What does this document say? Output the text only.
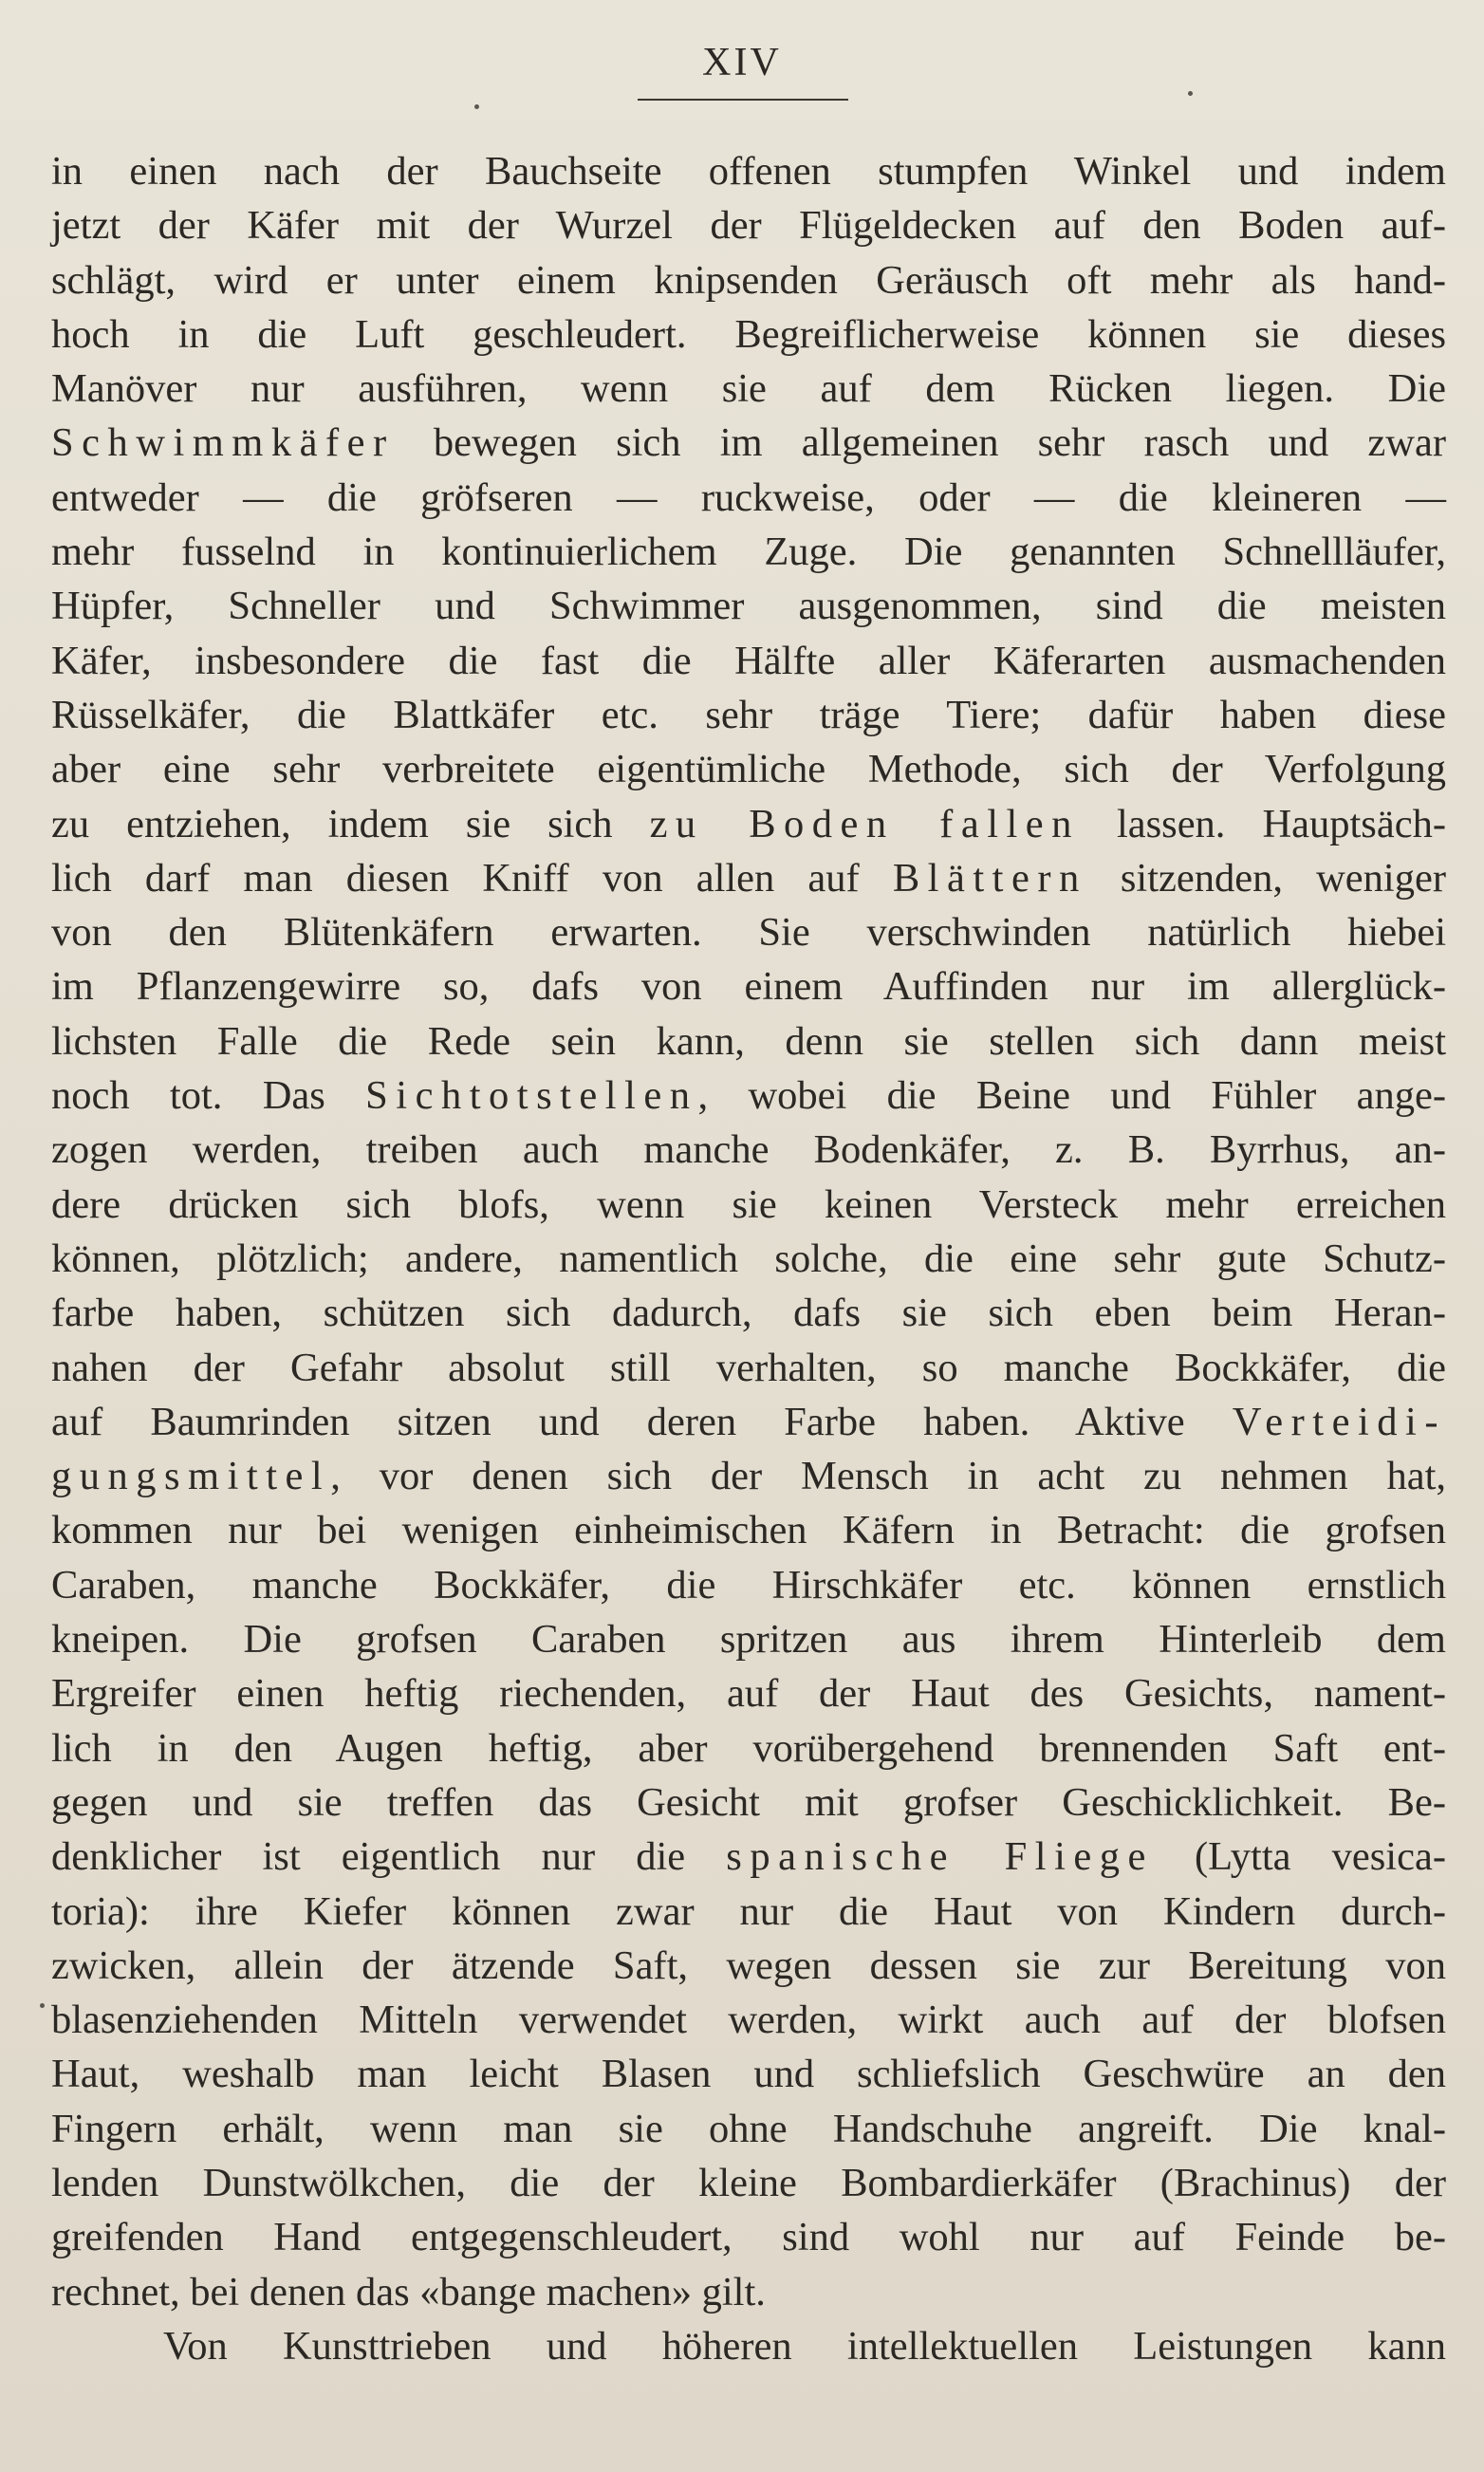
XIV
in einen nach der Bauchseite offenen stumpfen Winkel und indem
jetzt der Käfer mit der Wurzel der Flügeldecken auf den Boden auf-
schlägt, wird er unter einem knipsenden Geräusch oft mehr als hand-
hoch in die Luft geschleudert. Begreiflicherweise können sie dieses
Manöver nur ausführen, wenn sie auf dem Rücken liegen. Die
Schwimmkäfer bewegen sich im allgemeinen sehr rasch und zwar
entweder — die gröfseren — ruckweise, oder — die kleineren —
mehr fusselnd in kontinuierlichem Zuge. Die genannten Schnellläufer,
Hüpfer, Schneller und Schwimmer ausgenommen, sind die meisten
Käfer, insbesondere die fast die Hälfte aller Käferarten ausmachenden
Rüsselkäfer, die Blattkäfer etc. sehr träge Tiere; dafür haben diese
aber eine sehr verbreitete eigentümliche Methode, sich der Verfolgung
zu entziehen, indem sie sich zu Boden fallen lassen. Hauptsäch-
lich darf man diesen Kniff von allen auf Blättern sitzenden, weniger
von den Blütenkäfern erwarten. Sie verschwinden natürlich hiebei
im Pflanzengewirre so, dafs von einem Auffinden nur im allerglück-
lichsten Falle die Rede sein kann, denn sie stellen sich dann meist
noch tot. Das Sichtotstellen, wobei die Beine und Fühler ange-
zogen werden, treiben auch manche Bodenkäfer, z. B. Byrrhus, an-
dere drücken sich blofs, wenn sie keinen Versteck mehr erreichen
können, plötzlich; andere, namentlich solche, die eine sehr gute Schutz-
farbe haben, schützen sich dadurch, dafs sie sich eben beim Heran-
nahen der Gefahr absolut still verhalten, so manche Bockkäfer, die
auf Baumrinden sitzen und deren Farbe haben. Aktive Verteidi-
gungsmittel, vor denen sich der Mensch in acht zu nehmen hat,
kommen nur bei wenigen einheimischen Käfern in Betracht: die grofsen
Caraben, manche Bockkäfer, die Hirschkäfer etc. können ernstlich
kneipen. Die grofsen Caraben spritzen aus ihrem Hinterleib dem
Ergreifer einen heftig riechenden, auf der Haut des Gesichts, nament-
lich in den Augen heftig, aber vorübergehend brennenden Saft ent-
gegen und sie treffen das Gesicht mit grofser Geschicklichkeit. Be-
denklicher ist eigentlich nur die spanische Fliege (Lytta vesica-
toria): ihre Kiefer können zwar nur die Haut von Kindern durch-
zwicken, allein der ätzende Saft, wegen dessen sie zur Bereitung von
blasenziehenden Mitteln verwendet werden, wirkt auch auf der blofsen
Haut, weshalb man leicht Blasen und schliefslich Geschwüre an den
Fingern erhält, wenn man sie ohne Handschuhe angreift. Die knal-
lenden Dunstwölkchen, die der kleine Bombardierkäfer (Brachinus) der
greifenden Hand entgegenschleudert, sind wohl nur auf Feinde be-
rechnet, bei denen das «bange machen» gilt.
Von Kunsttrieben und höheren intellektuellen Leistungen kann
